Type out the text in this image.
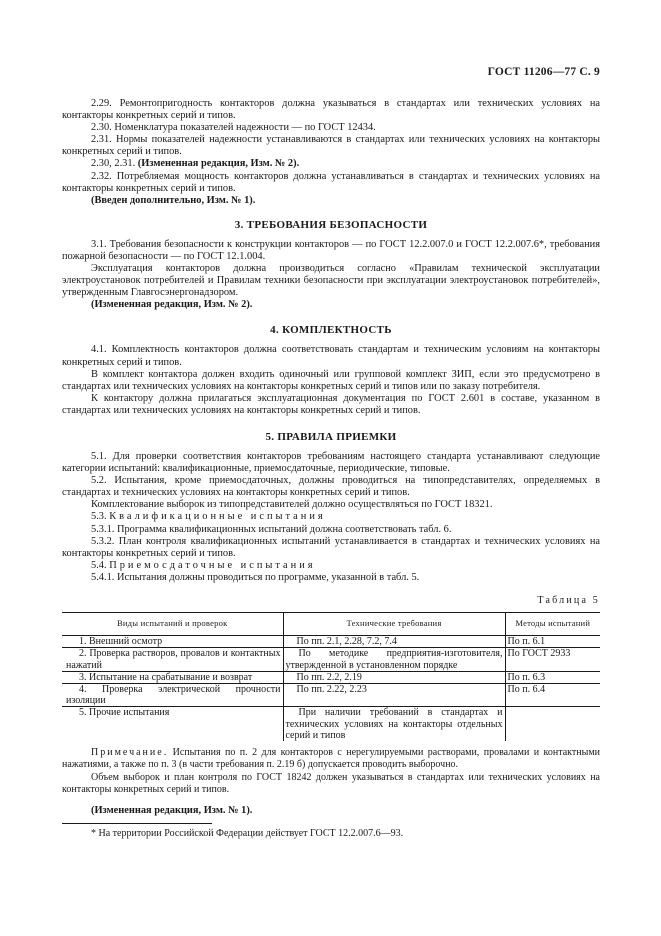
ГОСТ 11206—77 С. 9

2.29. Ремонтопригодность контакторов должна указываться в стандартах или технических условиях на контакторы конкретных серий и типов.

2.30. Номенклатура показателей надежности — по ГОСТ 12434.

2.31. Нормы показателей надежности устанавливаются в стандартах или технических условиях на контакторы конкретных серий и типов.

2.30, 2.31. (Измененная редакция, Изм. № 2).

2.32. Потребляемая мощность контакторов должна устанавливаться в стандартах и технических условиях на контакторы конкретных серий и типов.

(Введен дополнительно, Изм. № 1).

3. ТРЕБОВАНИЯ БЕЗОПАСНОСТИ

3.1. Требования безопасности к конструкции контакторов — по ГОСТ 12.2.007.0 и ГОСТ 12.2.007.6*, требования пожарной безопасности — по ГОСТ 12.1.004.

Эксплуатация контакторов должна производиться согласно «Правилам технической эксплуатации электроустановок потребителей и Правилам техники безопасности при эксплуатации электроустановок потребителей», утвержденным Главгосэнергонадзором.

(Измененная редакция, Изм. № 2).

4. КОМПЛЕКТНОСТЬ

4.1. Комплектность контакторов должна соответствовать стандартам и техническим условиям на контакторы конкретных серий и типов.

В комплект контактора должен входить одиночный или групповой комплект ЗИП, если это предусмотрено в стандартах или технических условиях на контакторы конкретных серий и типов или по заказу потребителя.

К контактору должна прилагаться эксплуатационная документация по ГОСТ 2.601 в составе, указанном в стандартах или технических условиях на контакторы конкретных серий и типов.

5. ПРАВИЛА ПРИЕМКИ

5.1. Для проверки соответствия контакторов требованиям настоящего стандарта устанавливают следующие категории испытаний: квалификационные, приемосдаточные, периодические, типовые.

5.2. Испытания, кроме приемосдаточных, должны проводиться на типопредставителях, определяемых в стандартах и технических условиях на контакторы конкретных серий и типов.

Комплектование выборок из типопредставителей должно осуществляться по ГОСТ 18321.

5.3. Квалификационные испытания

5.3.1. Программа квалификационных испытаний должна соответствовать табл. 6.

5.3.2. План контроля квалификационных испытаний устанавливается в стандартах и технических условиях на контакторы конкретных серий и типов.

5.4. Приемосдаточные испытания

5.4.1. Испытания должны проводиться по программе, указанной в табл. 5.

Таблица 5
Виды испытаний и проверок	Технические требования	Методы испытаний
1. Внешний осмотр	По пп. 2.1, 2.28, 7.2, 7.4	По п. 6.1

2. Проверка растворов, провалов и контактных нажатий	По методике предприятия-изготовителя, утвержденной в установленном порядке	По ГОСТ 2933
3. Испытание на срабатывание и возврат	По пп. 2.2, 2.19	По п. 6.3

4. Проверка электрической прочности изоляции	По пп. 2.22, 2.23	По п. 6.4
5. Прочие испытания	При наличии требований в стандартах и технических условиях на контакторы отдельных серий и типов	

Примечание. Испытания по п. 2 для контакторов с нерегулируемыми растворами, провалами и контактными нажатиями, а также по п. 3 (в части требования п. 2.19 б) допускается проводить выборочно.

Объем выборок и план контроля по ГОСТ 18242 должен указываться в стандартах или технических условиях на контакторы конкретных серий и типов.

(Измененная редакция, Изм. № 1).

* На территории Российской Федерации действует ГОСТ 12.2.007.6—93.
